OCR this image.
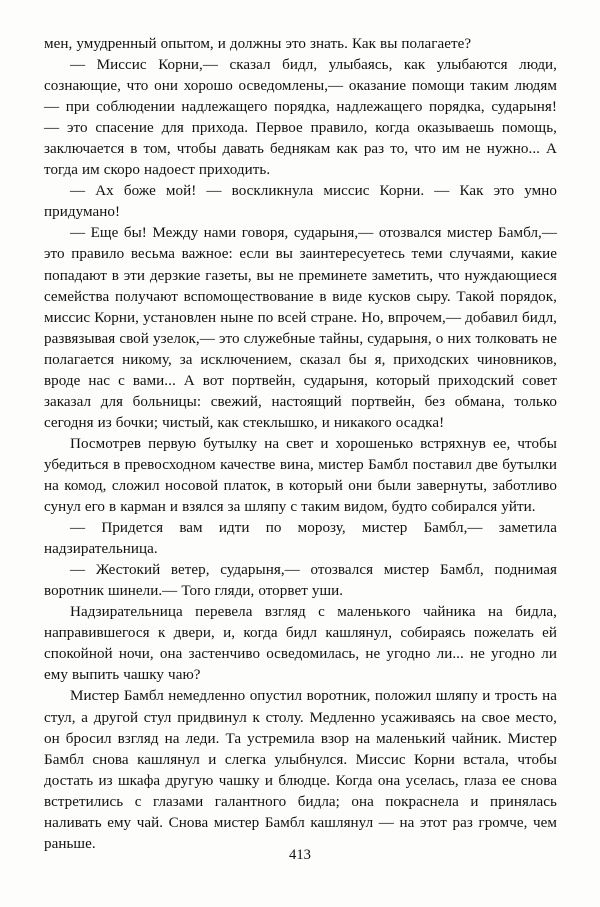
мен, умудренный опытом, и должны это знать. Как вы полагаете?

— Миссис Корни,— сказал бидл, улыбаясь, как улыбаются люди, сознающие, что они хорошо осведомлены,— оказание помощи таким людям — при соблюдении надлежащего порядка, надлежащего порядка, сударыня! — это спасение для прихода. Первое правило, когда оказываешь помощь, заключается в том, чтобы давать беднякам как раз то, что им не нужно... А тогда им скоро надоест приходить.

— Ах боже мой! — воскликнула миссис Корни. — Как это умно придумано!

— Еще бы! Между нами говоря, сударыня,— отозвался мистер Бамбл,— это правило весьма важное: если вы заинтересуетесь теми случаями, какие попадают в эти дерзкие газеты, вы не преминете заметить, что нуждающиеся семейства получают вспомоществование в виде кусков сыру. Такой порядок, миссис Корни, установлен ныне по всей стране. Но, впрочем,— добавил бидл, развязывая свой узелок,— это служебные тайны, сударыня, о них толковать не полагается никому, за исключением, сказал бы я, приходских чиновников, вроде нас с вами... А вот портвейн, сударыня, который приходский совет заказал для больницы: свежий, настоящий портвейн, без обмана, только сегодня из бочки; чистый, как стеклышко, и никакого осадка!

Посмотрев первую бутылку на свет и хорошенько встряхнув ее, чтобы убедиться в превосходном качестве вина, мистер Бамбл поставил две бутылки на комод, сложил носовой платок, в который они были завернуты, заботливо сунул его в карман и взялся за шляпу с таким видом, будто собирался уйти.

— Придется вам идти по морозу, мистер Бамбл,— заметила надзирательница.

— Жестокий ветер, сударыня,— отозвался мистер Бамбл, поднимая воротник шинели.— Того гляди, оторвет уши.

Надзирательница перевела взгляд с маленького чайника на бидла, направившегося к двери, и, когда бидл кашлянул, собираясь пожелать ей спокойной ночи, она застенчиво осведомилась, не угодно ли... не угодно ли ему выпить чашку чаю?

Мистер Бамбл немедленно опустил воротник, положил шляпу и трость на стул, а другой стул придвинул к столу. Медленно усаживаясь на свое место, он бросил взгляд на леди. Та устремила взор на маленький чайник. Мистер Бамбл снова кашлянул и слегка улыбнулся. Миссис Корни встала, чтобы достать из шкафа другую чашку и блюдце. Когда она уселась, глаза ее снова встретились с глазами галантного бидла; она покраснела и принялась наливать ему чай. Снова мистер Бамбл кашлянул — на этот раз громче, чем раньше.

413
